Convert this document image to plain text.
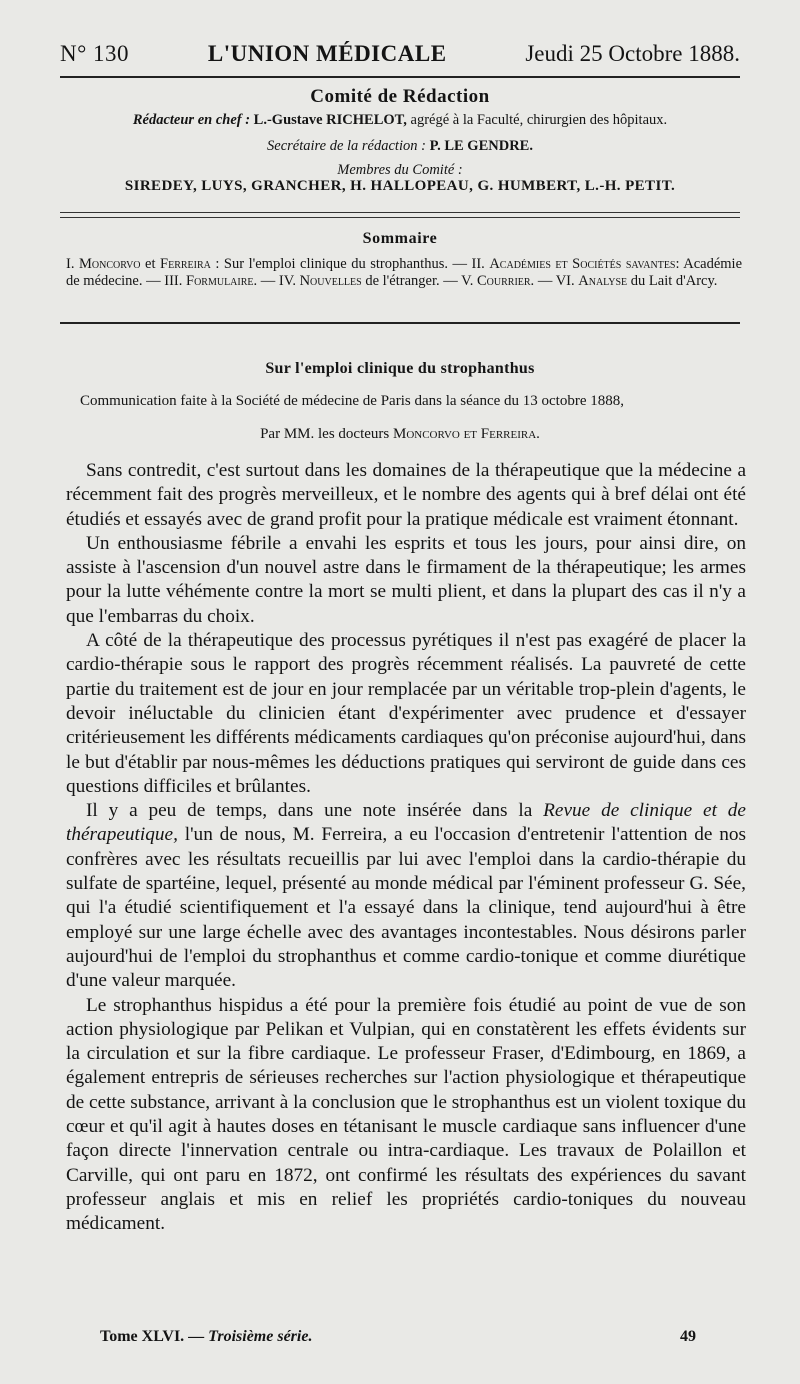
N° 130	L'UNION MÉDICALE	Jeudi 25 Octobre 1888.
Comité de Rédaction
Rédacteur en chef : L.-Gustave RICHELOT, agrégé à la Faculté, chirurgien des hôpitaux.
Secrétaire de la rédaction : P. LE GENDRE.
Membres du Comité :
SIREDEY, LUYS, GRANCHER, H. HALLOPEAU, G. HUMBERT, L.-H. PETIT.
Sommaire
I. Moncorvo et Ferreira : Sur l'emploi clinique du strophanthus. — II. Académies et Sociétés savantes: Académie de médecine. — III. Formulaire. — IV. Nouvelles de l'étranger. — V. Courrier. — VI. Analyse du Lait d'Arcy.
Sur l'emploi clinique du strophanthus
Communication faite à la Société de médecine de Paris dans la séance du 13 octobre 1888,
Par MM. les docteurs Moncorvo et Ferreira.

Sans contredit, c'est surtout dans les domaines de la thérapeutique que la médecine a récemment fait des progrès merveilleux, et le nombre des agents qui à bref délai ont été étudiés et essayés avec de grand profit pour la pratique médicale est vraiment étonnant.

Un enthousiasme fébrile a envahi les esprits et tous les jours, pour ainsi dire, on assiste à l'ascension d'un nouvel astre dans le firmament de la thérapeutique; les armes pour la lutte véhémente contre la mort se multi plient, et dans la plupart des cas il n'y a que l'embarras du choix.

A côté de la thérapeutique des processus pyrétiques il n'est pas exagéré de placer la cardio-thérapie sous le rapport des progrès récemment réalisés. La pauvreté de cette partie du traitement est de jour en jour remplacée par un véritable trop-plein d'agents, le devoir inéluctable du clinicien étant d'expérimenter avec prudence et d'essayer critérieusement les différents médicaments cardiaques qu'on préconise aujourd'hui, dans le but d'établir par nous-mêmes les déductions pratiques qui serviront de guide dans ces questions difficiles et brûlantes.

Il y a peu de temps, dans une note insérée dans la Revue de clinique et de thérapeutique, l'un de nous, M. Ferreira, a eu l'occasion d'entretenir l'attention de nos confrères avec les résultats recueillis par lui avec l'emploi dans la cardio-thérapie du sulfate de spartéine, lequel, présenté au monde médical par l'éminent professeur G. Sée, qui l'a étudié scientifiquement et l'a essayé dans la clinique, tend aujourd'hui à être employé sur une large échelle avec des avantages incontestables. Nous désirons parler aujourd'hui de l'emploi du strophanthus et comme cardio-tonique et comme diurétique d'une valeur marquée.

Le strophanthus hispidus a été pour la première fois étudié au point de vue de son action physiologique par Pelikan et Vulpian, qui en constatèrent les effets évidents sur la circulation et sur la fibre cardiaque. Le professeur Fraser, d'Edimbourg, en 1869, a également entrepris de sérieuses recherches sur l'action physiologique et thérapeutique de cette substance, arrivant à la conclusion que le strophanthus est un violent toxique du cœur et qu'il agit à hautes doses en tétanisant le muscle cardiaque sans influencer d'une façon directe l'innervation centrale ou intra-cardiaque. Les travaux de Polaillon et Carville, qui ont paru en 1872, ont confirmé les résultats des expériences du savant professeur anglais et mis en relief les propriétés cardio-toniques du nouveau médicament.

Tome XLVI. — Troisième série.	49
